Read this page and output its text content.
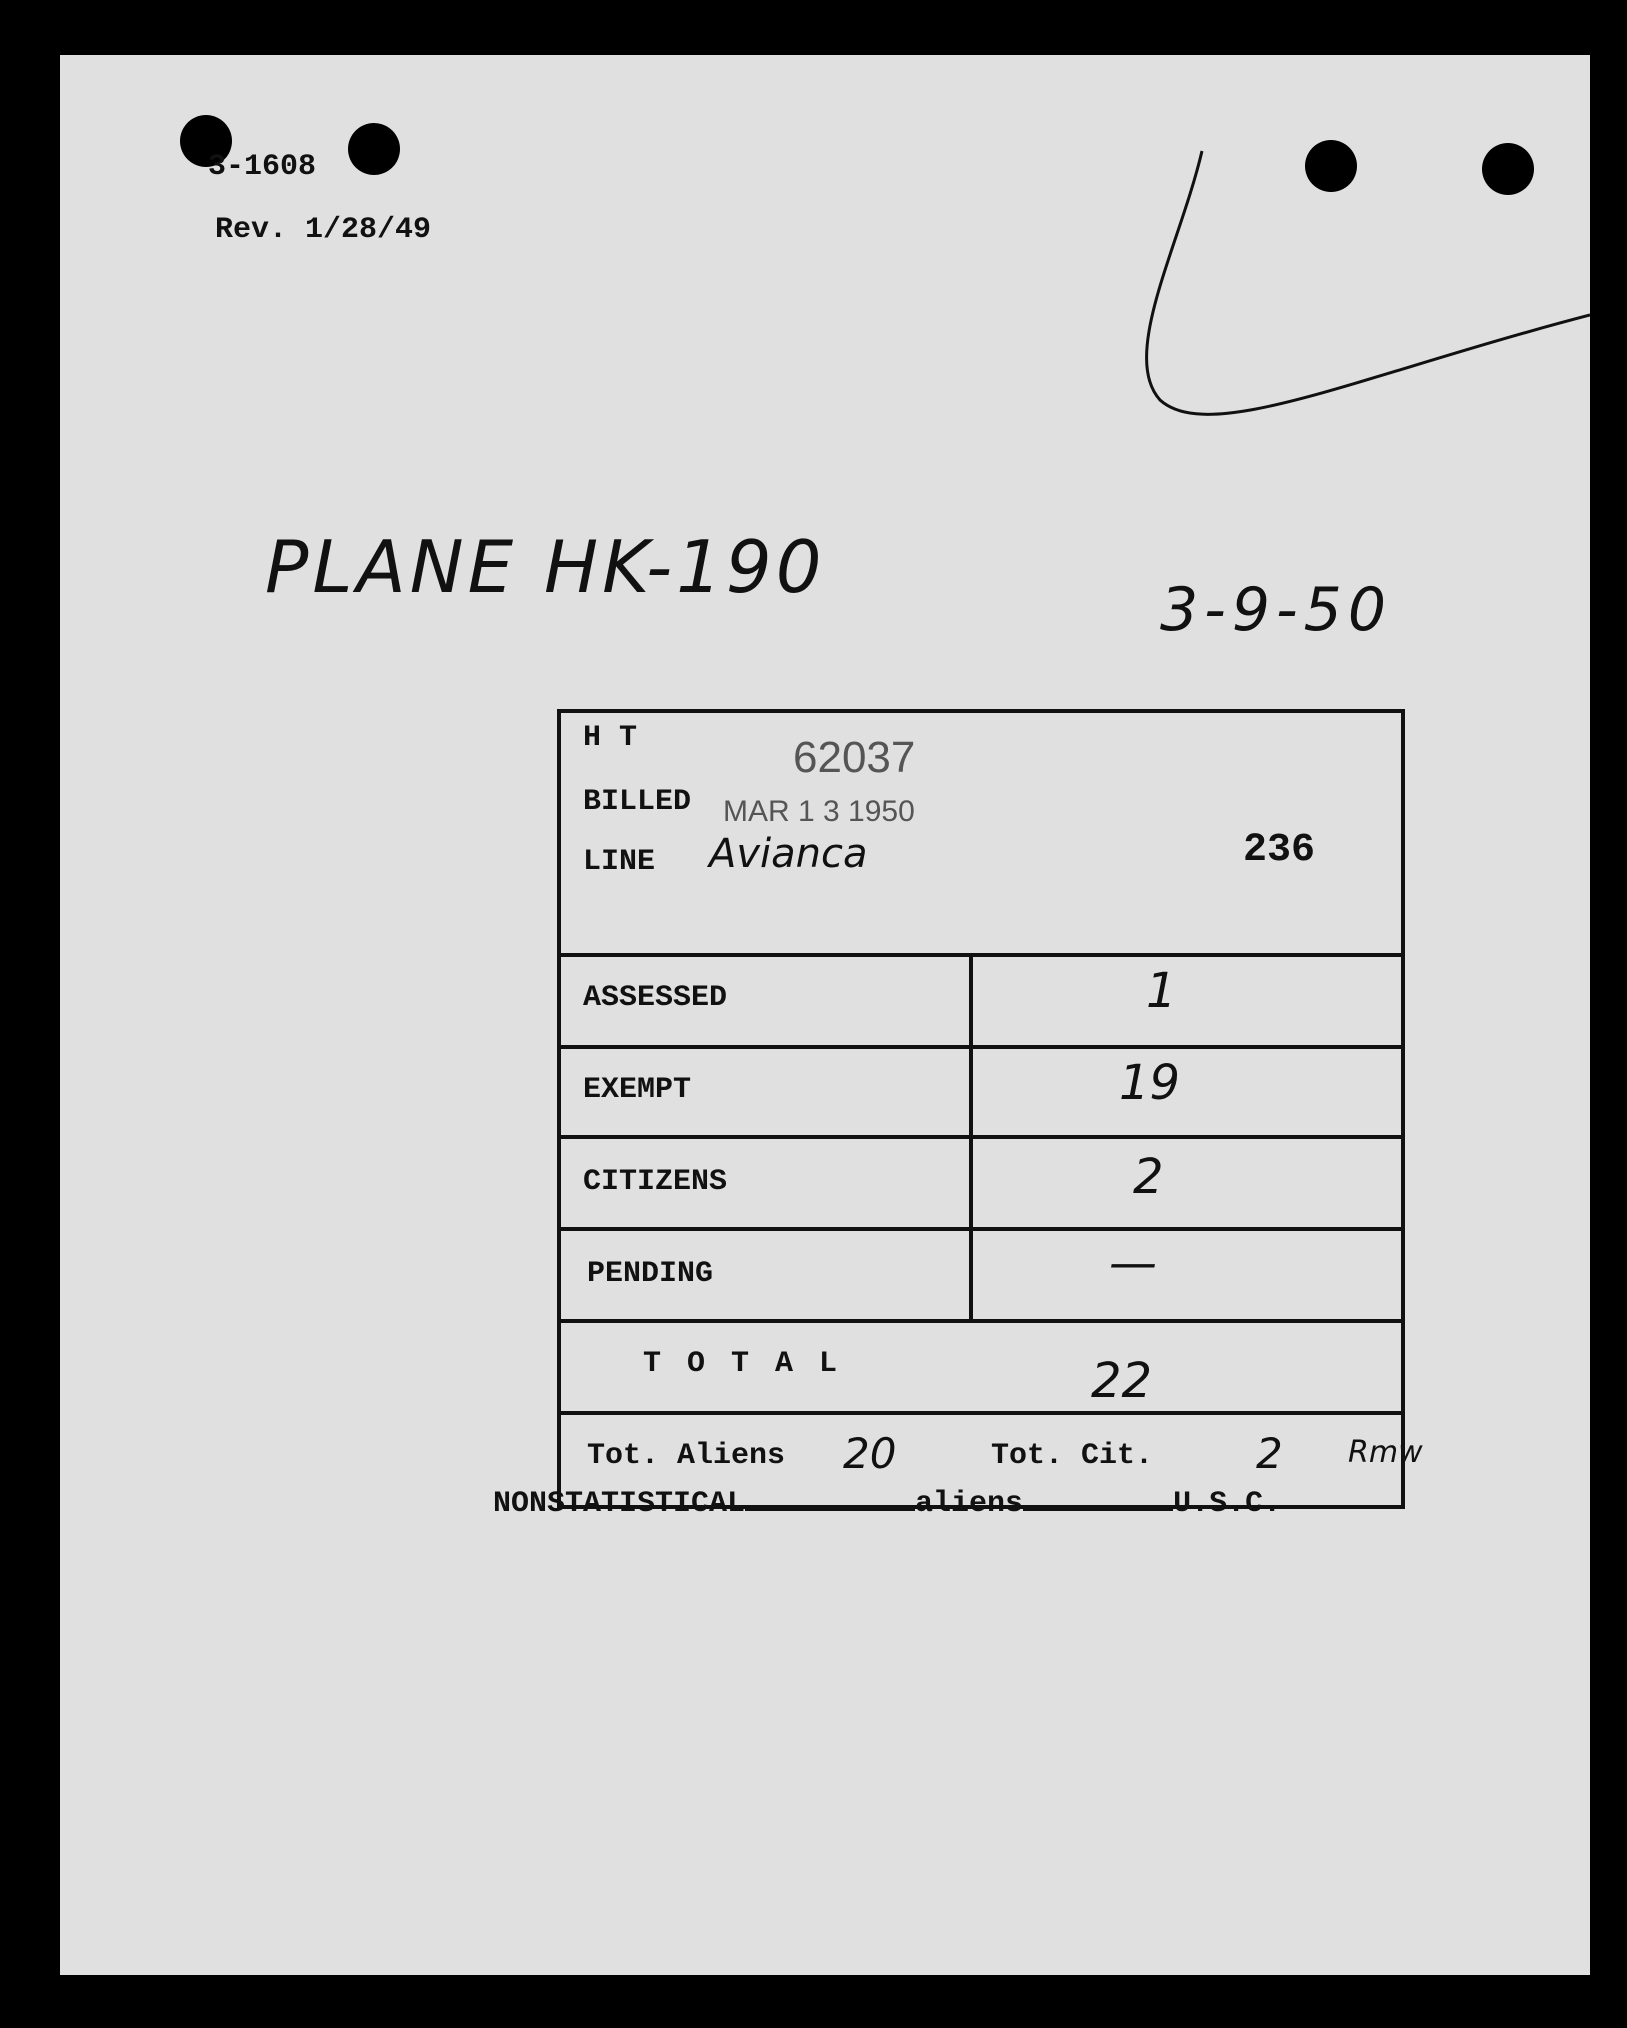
3-1608
Rev. 1/28/49
PLANE HK-190
3-9-50
H T	62037
BILLED MAR 1 3 1950
LINE Avianca	236
ASSESSED	1
EXEMPT	19
CITIZENS	2
PENDING	—
T O T A L	22
Tot. Aliens 20	Tot. Cit. 2 Rmw
NONSTATISTICAL	aliens	U.S.C.
